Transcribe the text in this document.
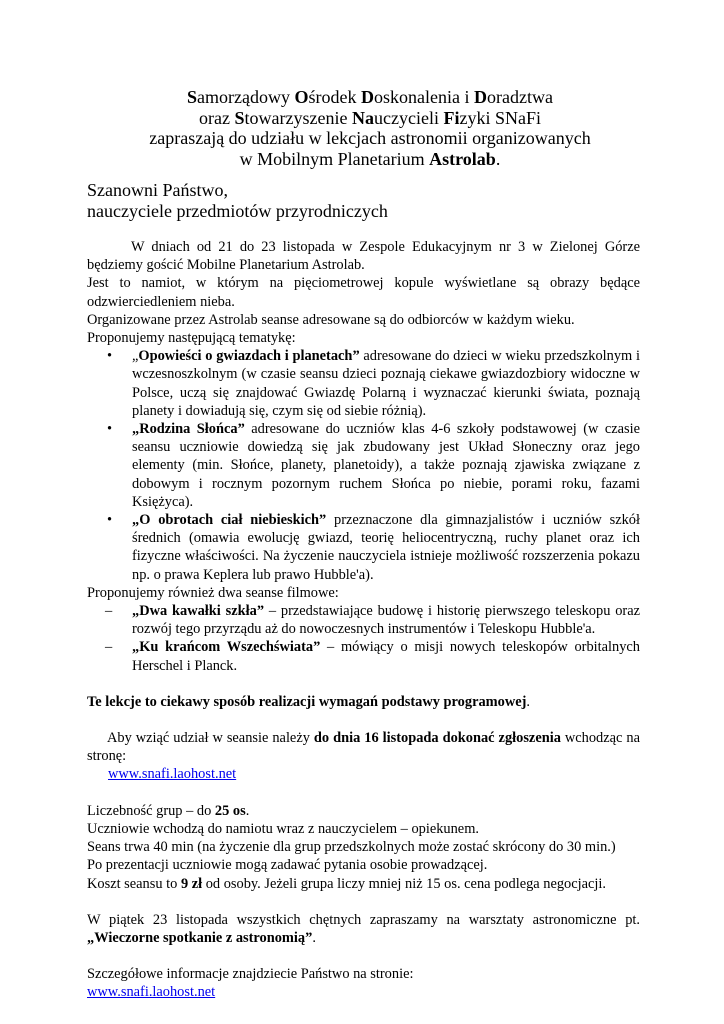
Samorządowy Ośrodek Doskonalenia i Doradztwa
oraz Stowarzyszenie Nauczycieli Fizyki SNaFi
zapraszają do udziału w lekcjach astronomii organizowanych
w Mobilnym Planetarium Astrolab.
Szanowni Państwo,
nauczyciele przedmiotów przyrodniczych

W dniach od 21 do 23 listopada w Zespole Edukacyjnym nr 3 w Zielonej Górze będziemy gościć Mobilne Planetarium Astrolab.

Jest to namiot, w którym na pięciometrowej kopule wyświetlane są obrazy będące odzwierciedleniem nieba.

Organizowane przez Astrolab seanse adresowane są do odbiorców w każdym wieku.

Proponujemy następującą tematykę:

• „Opowieści o gwiazdach i planetach” adresowane do dzieci w wieku przedszkolnym i wczesnoszkolnym (w czasie seansu dzieci poznają ciekawe gwiazdozbiory widoczne w Polsce, uczą się znajdować Gwiazdę Polarną i wyznaczać kierunki świata, poznają planety i dowiadują się, czym się od siebie różnią).
• „Rodzina Słońca” adresowane do uczniów klas 4-6 szkoły podstawowej (w czasie seansu uczniowie dowiedzą się jak zbudowany jest Układ Słoneczny oraz jego elementy (min. Słońce, planety, planetoidy), a także poznają zjawiska związane z dobowym i rocznym pozornym ruchem Słońca po niebie, porami roku, fazami Księżyca).
• „O obrotach ciał niebieskich” przeznaczone dla gimnazjalistów i uczniów szkół średnich (omawia ewolucję gwiazd, teorię heliocentryczną, ruchy planet oraz ich fizyczne właściwości. Na życzenie nauczyciela istnieje możliwość rozszerzenia pokazu np. o prawa Keplera lub prawo Hubble'a).

Proponujemy również dwa seanse filmowe:

– „Dwa kawałki szkła” – przedstawiające budowę i historię pierwszego teleskopu oraz rozwój tego przyrządu aż do nowoczesnych instrumentów i Teleskopu Hubble'a.
– „Ku krańcom Wszechświata” – mówiący o misji nowych teleskopów orbitalnych Herschel i Planck.

Te lekcje to ciekawy sposób realizacji wymagań podstawy programowej.

Aby wziąć udział w seansie należy do dnia 16 listopada dokonać zgłoszenia wchodząc na stronę:

www.snafi.laohost.net

Liczebność grup – do 25 os.

Uczniowie wchodzą do namiotu wraz z nauczycielem – opiekunem.

Seans trwa 40 min (na życzenie dla grup przedszkolnych może zostać skrócony do 30 min.)

Po prezentacji uczniowie mogą zadawać pytania osobie prowadzącej.

Koszt seansu to 9 zł od osoby. Jeżeli grupa liczy mniej niż 15 os. cena podlega negocjacji.

W piątek 23 listopada wszystkich chętnych zapraszamy na warsztaty astronomiczne pt. „Wieczorne spotkanie z astronomią”.

Szczegółowe informacje znajdziecie Państwo na stronie:

www.snafi.laohost.net
